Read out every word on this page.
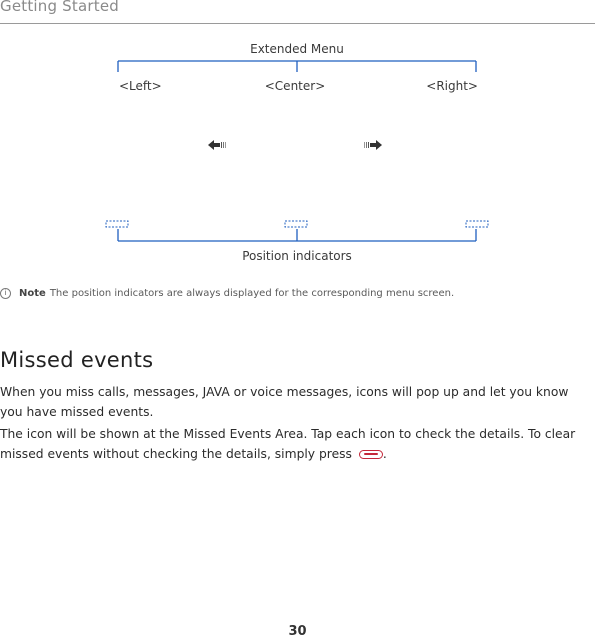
Getting Started
Extended Menu
<Left>	<Center>	<Right>
Position indicators
i	Note The position indicators are always displayed for the corresponding menu screen.
Missed events

When you miss calls, messages, JAVA or voice messages, icons will pop up and let you know you have missed events.

The icon will be shown at the Missed Events Area. Tap each icon to check the details. To clear missed events without checking the details, simply press .

30
